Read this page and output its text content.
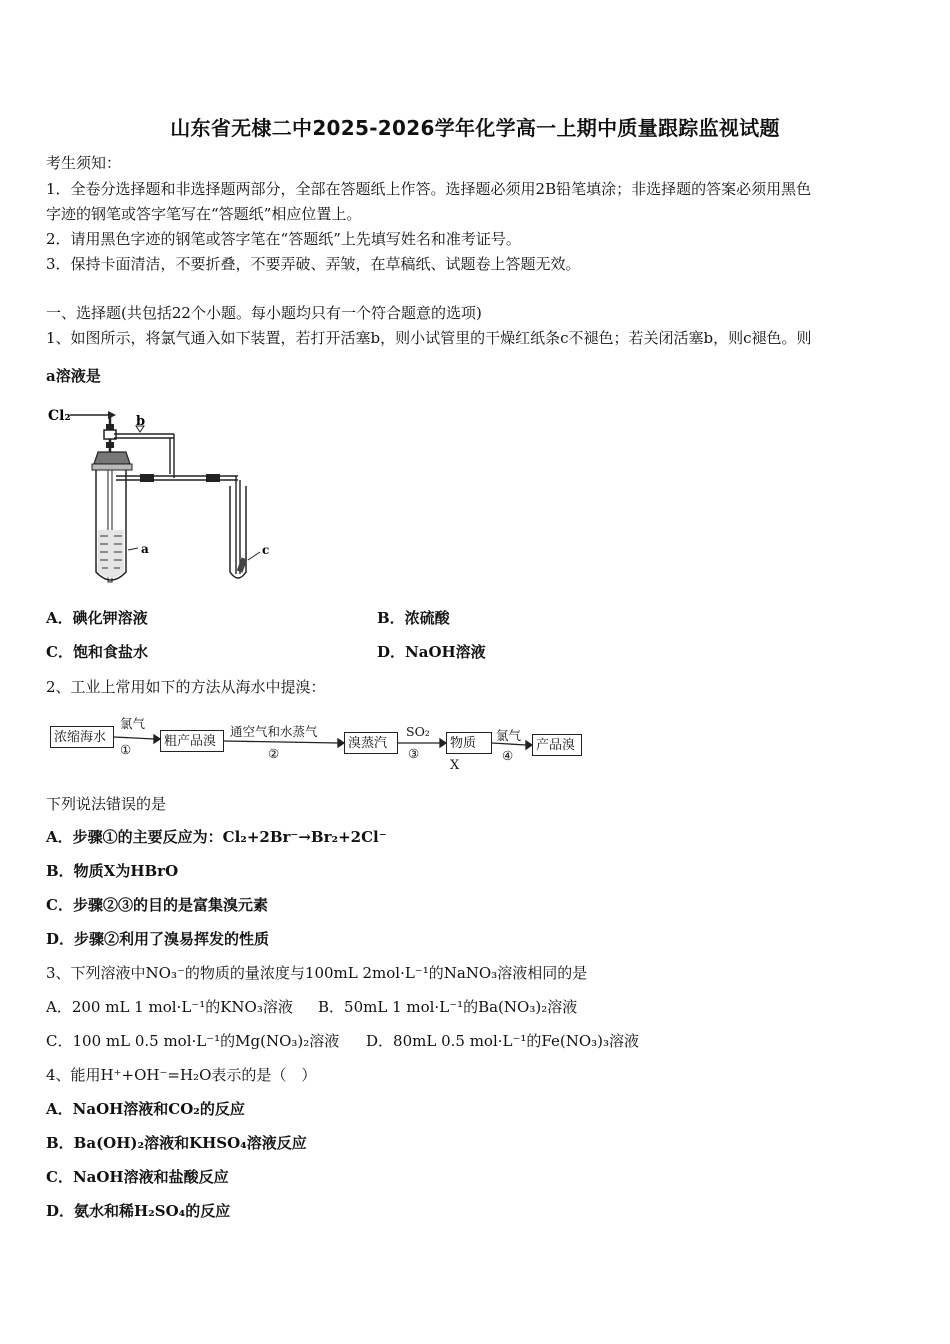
山东省无棣二中2025-2026学年化学高一上期中质量跟踪监视试题
考生须知：
1．全卷分选择题和非选择题两部分，全部在答题纸上作答。选择题必须用2B铅笔填涂；非选择题的答案必须用黑色
字迹的钢笔或答字笔写在“答题纸”相应位置上。
2．请用黑色字迹的钢笔或答字笔在“答题纸”上先填写姓名和准考证号。
3．保持卡面清洁，不要折叠，不要弄破、弄皱，在草稿纸、试题卷上答题无效。
一、选择题(共包括22个小题。每小题均只有一个符合题意的选项)
1、如图所示，将氯气通入如下装置，若打开活塞b，则小试管里的干燥红纸条c不褪色；若关闭活塞b，则c褪色。则
a溶液是
Cl₂	b
a	c
A．碘化钾溶液	B．浓硫酸
C．饱和食盐水	D．NaOH溶液
2、工业上常用如下的方法从海水中提溴：
浓缩海水
氯气
①
粗产品溴
通空气和水蒸气
②
溴蒸汽
SO₂
③
物质 X
氯气
④
产品溴
下列说法错误的是
A．步骤①的主要反应为：Cl₂+2Br⁻→Br₂+2Cl⁻
B．物质X为HBrO
C．步骤②③的目的是富集溴元素
D．步骤②利用了溴易挥发的性质
3、下列溶液中NO₃⁻的物质的量浓度与100mL 2mol·L⁻¹的NaNO₃溶液相同的是
A．200 mL 1 mol·L⁻¹的KNO₃溶液 B．50mL 1 mol·L⁻¹的Ba(NO₃)₂溶液
C．100 mL 0.5 mol·L⁻¹的Mg(NO₃)₂溶液 D．80mL 0.5 mol·L⁻¹的Fe(NO₃)₃溶液
4、能用H⁺+OH⁻=H₂O表示的是（　）
A．NaOH溶液和CO₂的反应
B．Ba(OH)₂溶液和KHSO₄溶液反应
C．NaOH溶液和盐酸反应
D．氨水和稀H₂SO₄的反应
